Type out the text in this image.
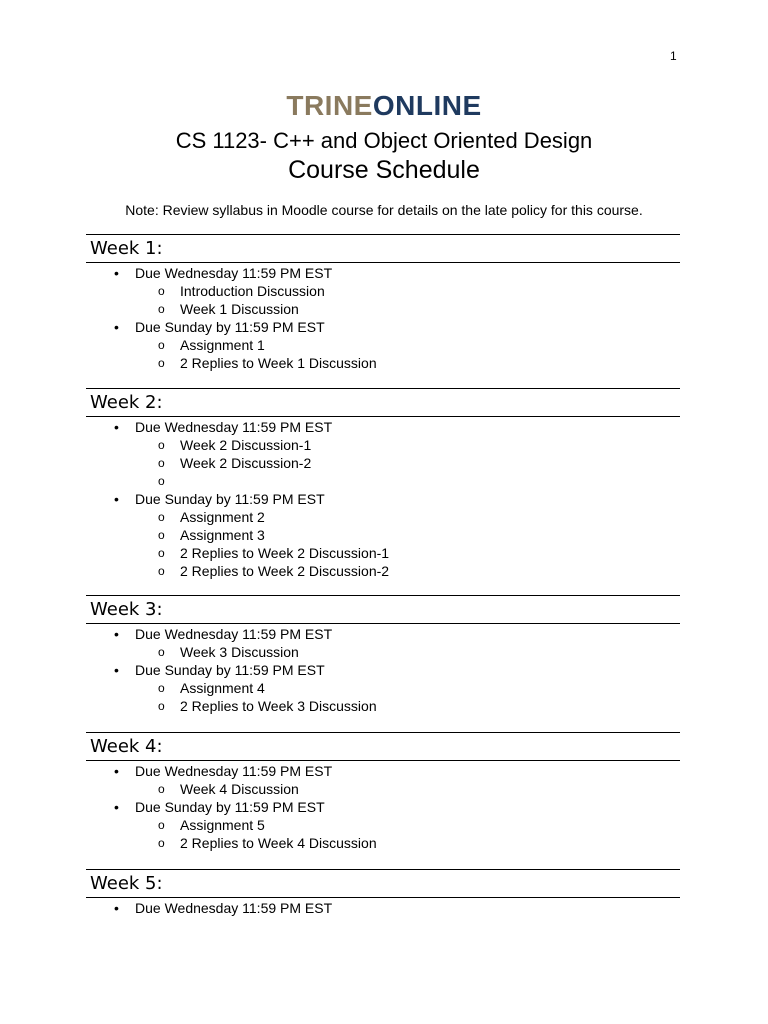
1
TRINEONLINE
CS 1123- C++ and Object Oriented Design
Course Schedule
Note: Review syllabus in Moodle course for details on the late policy for this course.
Week 1:
• Due Wednesday 11:59 PM EST
o Introduction Discussion
o Week 1 Discussion
• Due Sunday by 11:59 PM EST
o Assignment 1
o 2 Replies to Week 1 Discussion
Week 2:
• Due Wednesday 11:59 PM EST
o Week 2 Discussion-1
o Week 2 Discussion-2
o
• Due Sunday by 11:59 PM EST
o Assignment 2
o Assignment 3
o 2 Replies to Week 2 Discussion-1
o 2 Replies to Week 2 Discussion-2
Week 3:
• Due Wednesday 11:59 PM EST
o Week 3 Discussion
• Due Sunday by 11:59 PM EST
o Assignment 4
o 2 Replies to Week 3 Discussion
Week 4:
• Due Wednesday 11:59 PM EST
o Week 4 Discussion
• Due Sunday by 11:59 PM EST
o Assignment 5
o 2 Replies to Week 4 Discussion
Week 5:
• Due Wednesday 11:59 PM EST
